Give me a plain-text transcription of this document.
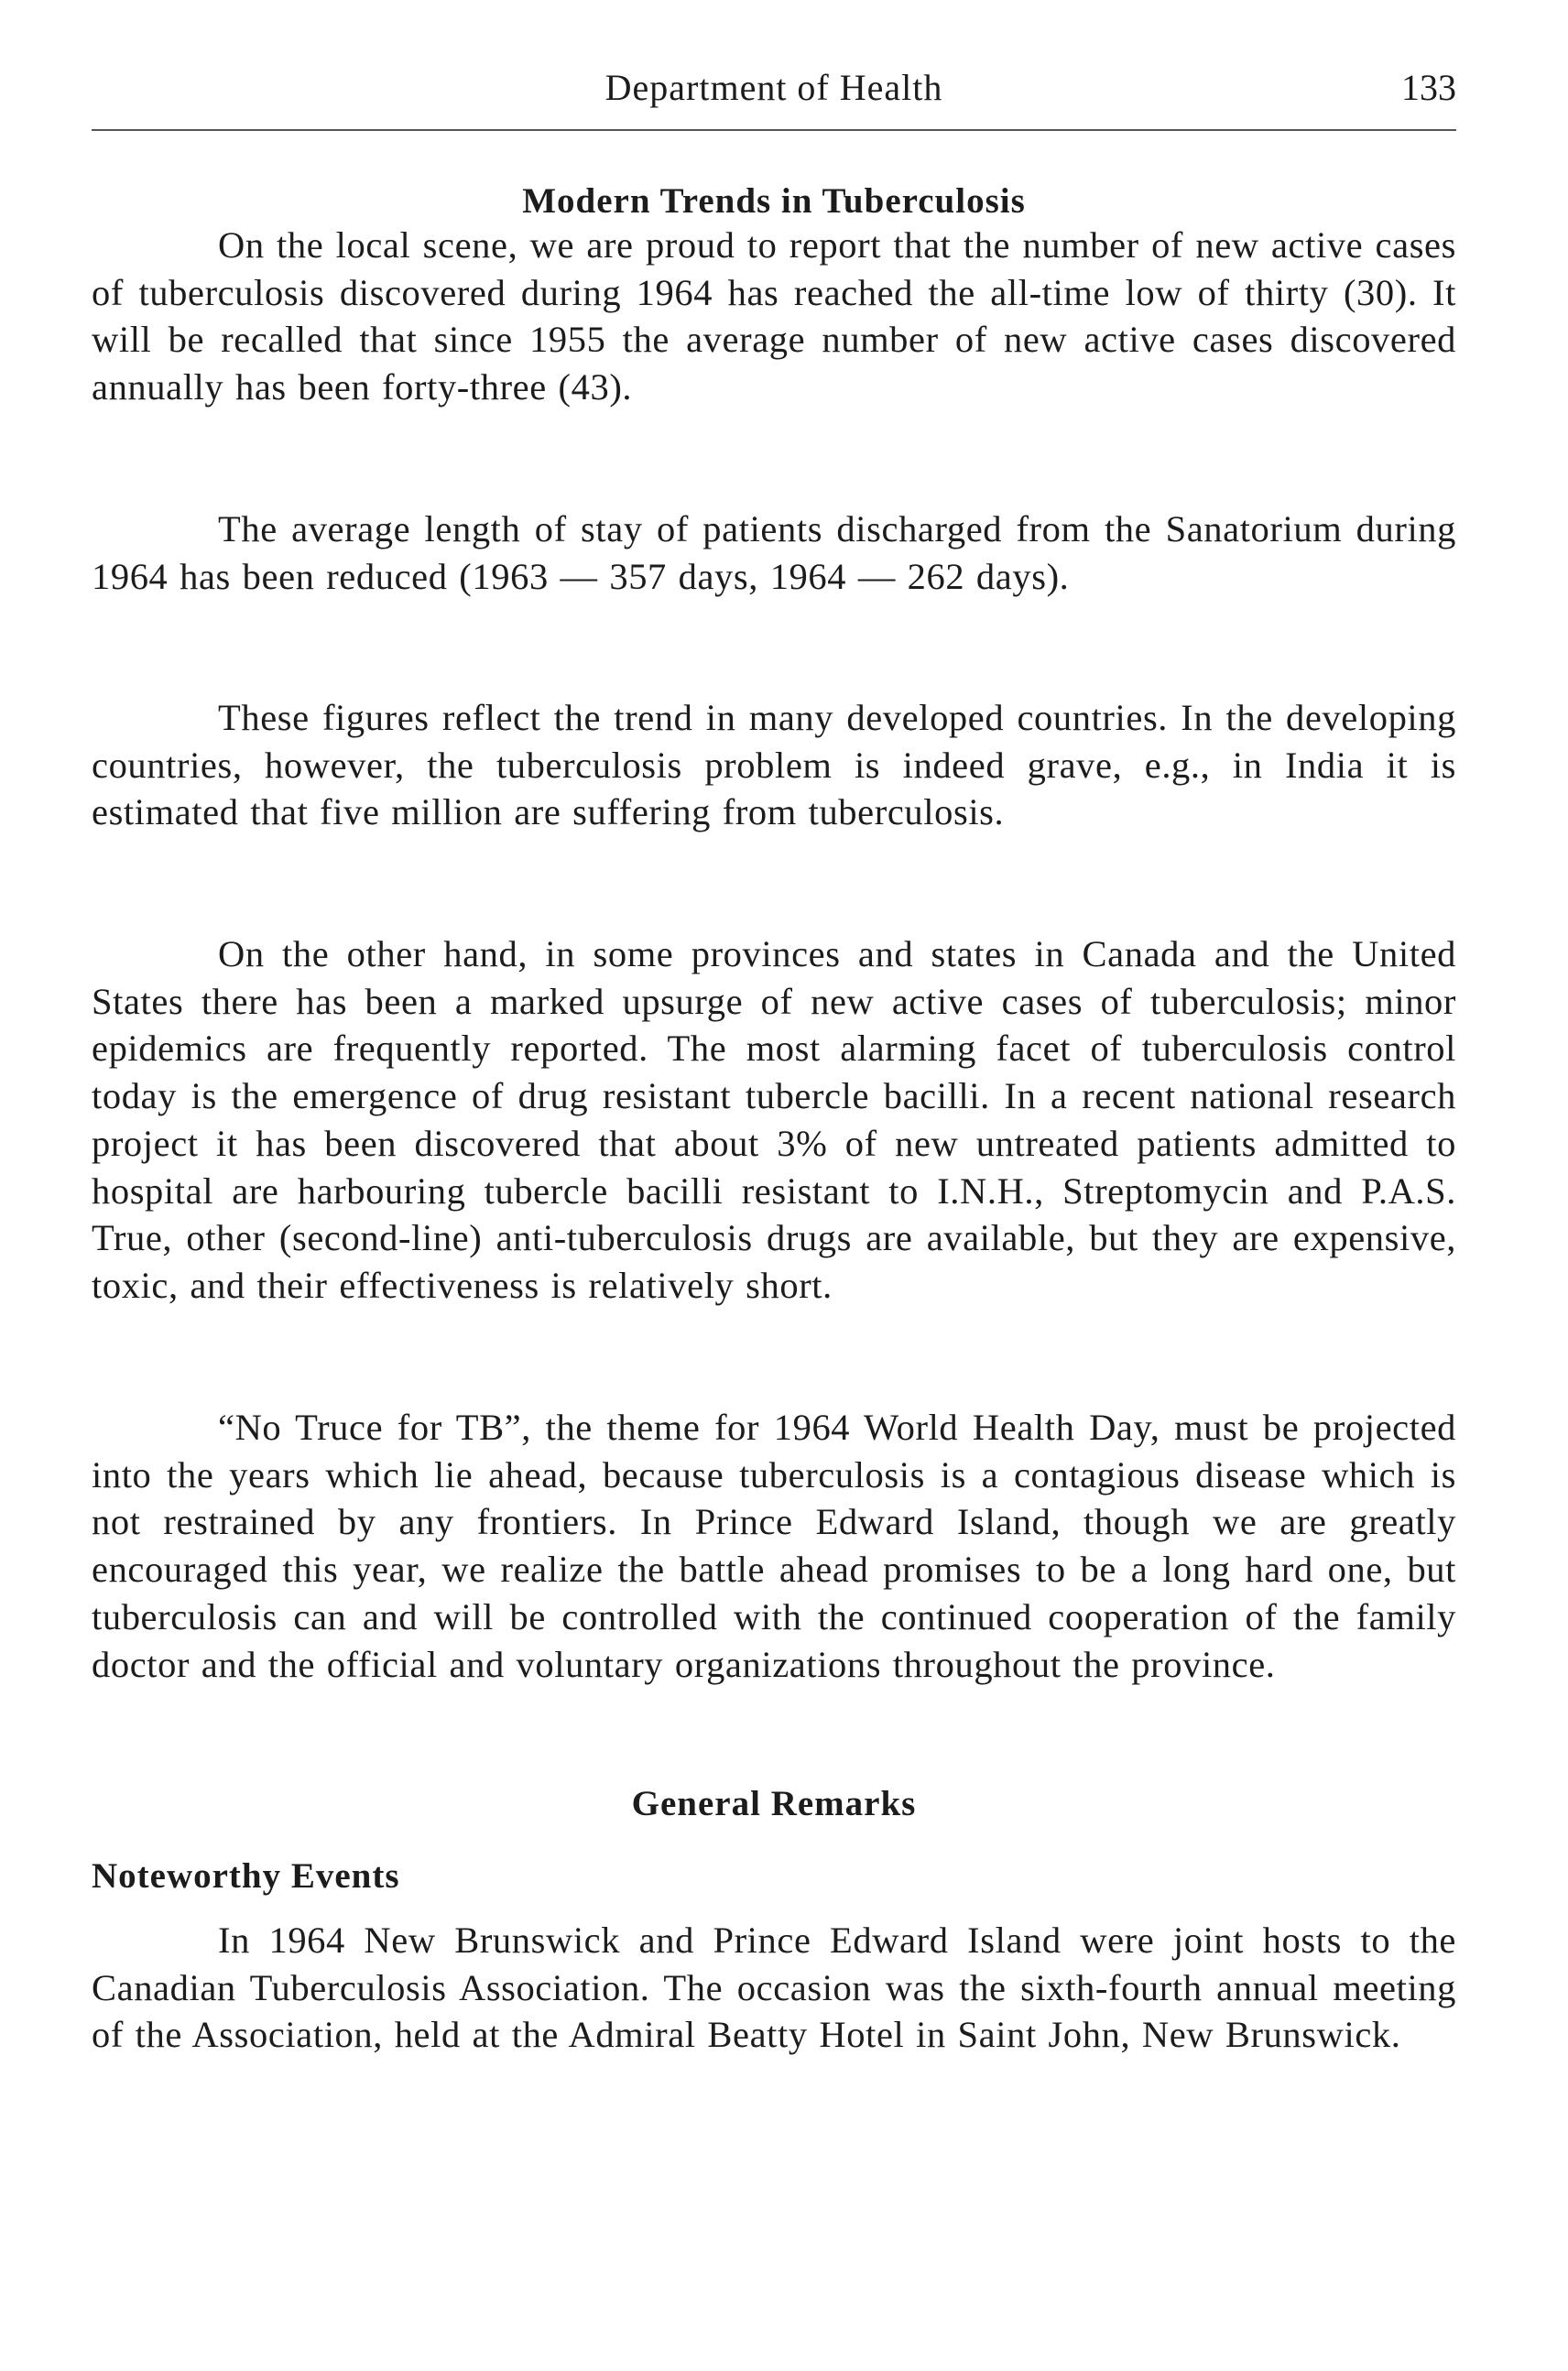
Department of Health	133
Modern Trends in Tuberculosis

On the local scene, we are proud to report that the number of new active cases of tuberculosis discovered during 1964 has reached the all-time low of thirty (30). It will be recalled that since 1955 the average number of new active cases discovered annually has been forty-three (43).

The average length of stay of patients discharged from the Sanatorium during 1964 has been reduced (1963 — 357 days, 1964 — 262 days).

These figures reflect the trend in many developed countries. In the developing countries, however, the tuberculosis problem is indeed grave, e.g., in India it is estimated that five million are suffering from tuberculosis.

On the other hand, in some provinces and states in Canada and the United States there has been a marked upsurge of new active cases of tuberculosis; minor epidemics are frequently reported. The most alarming facet of tuberculosis control today is the emergence of drug resistant tubercle bacilli. In a recent national research project it has been discovered that about 3% of new untreated patients admitted to hospital are harbouring tubercle bacilli resistant to I.N.H., Streptomycin and P.A.S. True, other (second-line) anti-tuberculosis drugs are available, but they are expensive, toxic, and their effectiveness is relatively short.

“No Truce for TB”, the theme for 1964 World Health Day, must be projected into the years which lie ahead, because tuberculosis is a contagious disease which is not restrained by any frontiers. In Prince Edward Island, though we are greatly encouraged this year, we realize the battle ahead promises to be a long hard one, but tuberculosis can and will be controlled with the continued cooperation of the family doctor and the official and voluntary organizations throughout the province.

General Remarks
Noteworthy Events

In 1964 New Brunswick and Prince Edward Island were joint hosts to the Canadian Tuberculosis Association. The occasion was the sixth-fourth annual meeting of the Association, held at the Admiral Beatty Hotel in Saint John, New Brunswick.
